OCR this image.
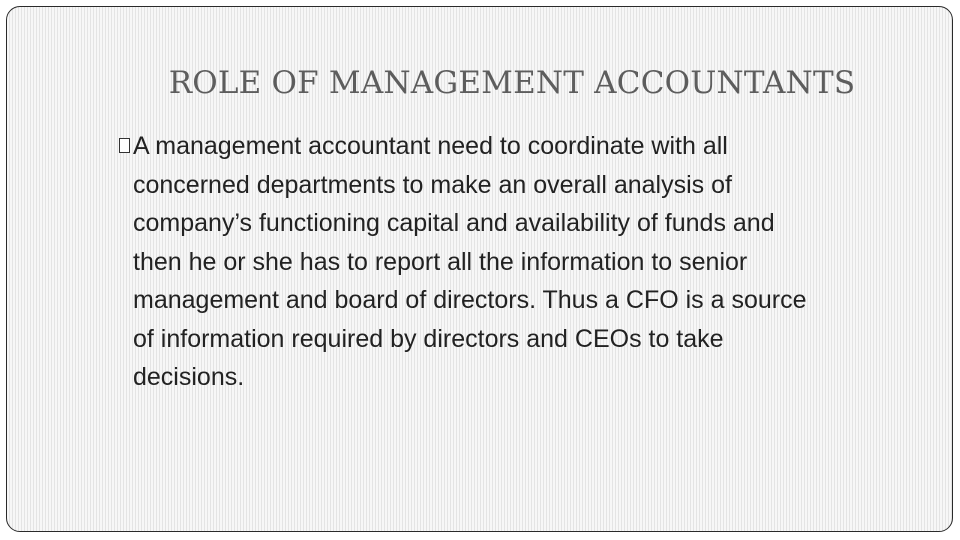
ROLE OF MANAGEMENT ACCOUNTANTS

A management accountant need to coordinate with all
concerned departments to make an overall analysis of
company’s functioning capital and availability of funds and
then he or she has to report all the information to senior
management and board of directors. Thus a CFO is a source
of information required by directors and CEOs to take
decisions.
